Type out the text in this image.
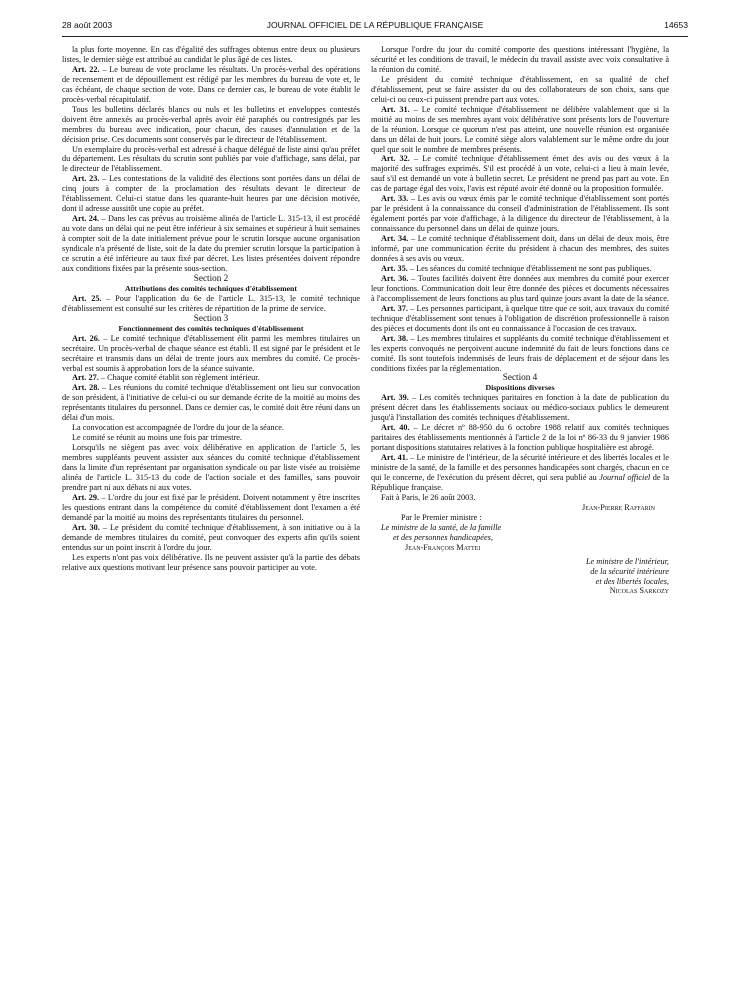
28 août 2003	JOURNAL OFFICIEL DE LA RÉPUBLIQUE FRANÇAISE	14653

la plus forte moyenne. En cas d'égalité des suffrages obtenus entre deux ou plusieurs listes, le dernier siège est attribué au candidat le plus âgé de ces listes.

Art. 22. – Le bureau de vote proclame les résultats. Un procès-verbal des opérations de recensement et de dépouillement est rédigé par les membres du bureau de vote et, le cas échéant, de chaque section de vote. Dans ce dernier cas, le bureau de vote établit le procès-verbal récapitulatif.

Tous les bulletins déclarés blancs ou nuls et les bulletins et enveloppes contestés doivent être annexés au procès-verbal après avoir été paraphés ou contresignés par les membres du bureau avec indication, pour chacun, des causes d'annulation et de la décision prise. Ces documents sont conservés par le directeur de l'établissement.

Un exemplaire du procès-verbal est adressé à chaque délégué de liste ainsi qu'au préfet du département. Les résultats du scrutin sont publiés par voie d'affichage, sans délai, par le directeur de l'établissement.

Art. 23. – Les contestations de la validité des élections sont portées dans un délai de cinq jours à compter de la proclamation des résultats devant le directeur de l'établissement. Celui-ci statue dans les quarante-huit heures par une décision motivée, dont il adresse aussitôt une copie au préfet.

Art. 24. – Dans les cas prévus au troisième alinéa de l'article L. 315-13, il est procédé au vote dans un délai qui ne peut être inférieur à six semaines et supérieur à huit semaines à compter soit de la date initialement prévue pour le scrutin lorsque aucune organisation syndicale n'a présenté de liste, soit de la date du premier scrutin lorsque la participation à ce scrutin a été inférieure au taux fixé par décret. Les listes présentées doivent répondre aux conditions fixées par la présente sous-section.

Section 2

Attributions des comités techniques d'établissement

Art. 25. – Pour l'application du 6e de l'article L. 315-13, le comité technique d'établissement est consulté sur les critères de répartition de la prime de service.

Section 3

Fonctionnement des comités techniques d'établissement

Art. 26. – Le comité technique d'établissement élit parmi les membres titulaires un secrétaire. Un procès-verbal de chaque séance est établi. Il est signé par le président et le secrétaire et transmis dans un délai de trente jours aux membres du comité. Ce procès-verbal est soumis à approbation lors de la séance suivante.

Art. 27. – Chaque comité établit son règlement intérieur.

Art. 28. – Les réunions du comité technique d'établissement ont lieu sur convocation de son président, à l'initiative de celui-ci ou sur demande écrite de la moitié au moins des représentants titulaires du personnel. Dans ce dernier cas, le comité doit être réuni dans un délai d'un mois.

La convocation est accompagnée de l'ordre du jour de la séance.

Le comité se réunit au moins une fois par trimestre.

Lorsqu'ils ne siègent pas avec voix délibérative en application de l'article 5, les membres suppléants peuvent assister aux séances du comité technique d'établissement dans la limite d'un représentant par organisation syndicale ou par liste visée au troisième alinéa de l'article L. 315-13 du code de l'action sociale et des familles, sans pouvoir prendre part ni aux débats ni aux votes.

Art. 29. – L'ordre du jour est fixé par le président. Doivent notamment y être inscrites les questions entrant dans la compétence du comité d'établissement dont l'examen a été demandé par la moitié au moins des représentants titulaires du personnel.

Art. 30. – Le président du comité technique d'établissement, à son initiative ou à la demande de membres titulaires du comité, peut convoquer des experts afin qu'ils soient entendus sur un point inscrit à l'ordre du jour.

Les experts n'ont pas voix délibérative. Ils ne peuvent assister qu'à la partie des débats relative aux questions motivant leur présence sans pouvoir participer au vote.

Lorsque l'ordre du jour du comité comporte des questions intéressant l'hygiène, la sécurité et les conditions de travail, le médecin du travail assiste avec voix consultative à la réunion du comité.

Le président du comité technique d'établissement, en sa qualité de chef d'établissement, peut se faire assister du ou des collaborateurs de son choix, sans que celui-ci ou ceux-ci puissent prendre part aux votes.

Art. 31. – Le comité technique d'établissement ne délibère valablement que si la moitié au moins de ses membres ayant voix délibérative sont présents lors de l'ouverture de la réunion. Lorsque ce quorum n'est pas atteint, une nouvelle réunion est organisée dans un délai de huit jours. Le comité siège alors valablement sur le même ordre du jour quel que soit le nombre de membres présents.

Art. 32. – Le comité technique d'établissement émet des avis ou des vœux à la majorité des suffrages exprimés. S'il est procédé à un vote, celui-ci a lieu à main levée, sauf s'il est demandé un vote à bulletin secret. Le président ne prend pas part au vote. En cas de partage égal des voix, l'avis est réputé avoir été donné ou la proposition formulée.

Art. 33. – Les avis ou vœux émis par le comité technique d'établissement sont portés par le président à la connaissance du conseil d'administration de l'établissement. Ils sont également portés par voie d'affichage, à la diligence du directeur de l'établissement, à la connaissance du personnel dans un délai de quinze jours.

Art. 34. – Le comité technique d'établissement doit, dans un délai de deux mois, être informé, par une communication écrite du président à chacun des membres, des suites données à ses avis ou vœux.

Art. 35. – Les séances du comité technique d'établissement ne sont pas publiques.

Art. 36. – Toutes facilités doivent être données aux membres du comité pour exercer leur fonctions. Communication doit leur être donnée des pièces et documents nécessaires à l'accomplissement de leurs fonctions au plus tard quinze jours avant la date de la séance.

Art. 37. – Les personnes participant, à quelque titre que ce soit, aux travaux du comité technique d'établissement sont tenues à l'obligation de discrétion professionnelle à raison des pièces et documents dont ils ont eu connaissance à l'occasion de ces travaux.

Art. 38. – Les membres titulaires et suppléants du comité technique d'établissement et les experts convoqués ne perçoivent aucune indemnité du fait de leurs fonctions dans ce comité. Ils sont toutefois indemnisés de leurs frais de déplacement et de séjour dans les conditions fixées par la réglementation.

Section 4

Dispositions diverses

Art. 39. – Les comités techniques paritaires en fonction à la date de publication du présent décret dans les établissements sociaux ou médico-sociaux publics le demeurent jusqu'à l'installation des comités techniques d'établissement.

Art. 40. – Le décret nº 88-950 du 6 octobre 1988 relatif aux comités techniques paritaires des établissements mentionnés à l'article 2 de la loi nº 86-33 du 9 janvier 1986 portant dispositions statutaires relatives à la fonction publique hospitalière est abrogé.

Art. 41. – Le ministre de l'intérieur, de la sécurité intérieure et des libertés locales et le ministre de la santé, de la famille et des personnes handicapées sont chargés, chacun en ce qui le concerne, de l'exécution du présent décret, qui sera publié au Journal officiel de la République française.

Fait à Paris, le 26 août 2003.

Jean-Pierre Raffarin

Par le Premier ministre :

Le ministre de la santé, de la famille

et des personnes handicapées,

Jean-François Mattei

Le ministre de l'intérieur,

de la sécurité intérieure

et des libertés locales,

Nicolas Sarkozy
